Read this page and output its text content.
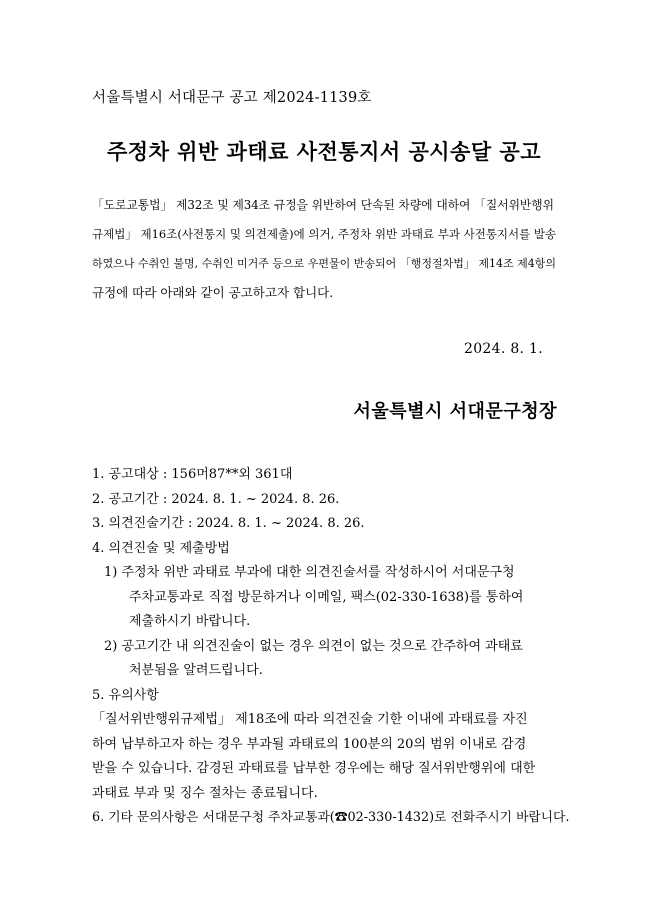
서울특별시 서대문구 공고 제2024-1139호
주정차 위반 과태료 사전통지서 공시송달 공고
「도로교통법」 제32조 및 제34조 규정을 위반하여 단속된 차량에 대하여 「질서위반행위
규제법」 제16조(사전통지 및 의견제출)에 의거, 주정차 위반 과태료 부과 사전통지서를 발송
하였으나 수취인 불명, 수취인 미거주 등으로 우편물이 반송되어 「행정절차법」 제14조 제4항의
규정에 따라 아래와 같이 공고하고자 합니다.
2024. 8. 1.
서울특별시 서대문구청장
1. 공고대상 : 156머87**외 361대
2. 공고기간 : 2024. 8. 1. ~ 2024. 8. 26.
3. 의견진술기간 : 2024. 8. 1. ~ 2024. 8. 26.
4. 의견진술 및 제출방법
1) 주정차 위반 과태료 부과에 대한 의견진술서를 작성하시어 서대문구청
주차교통과로 직접 방문하거나 이메일, 팩스(02-330-1638)를 통하여
제출하시기 바랍니다.
2) 공고기간 내 의견진술이 없는 경우 의견이 없는 것으로 간주하여 과태료
처분됨을 알려드립니다.
5. 유의사항
「질서위반행위규제법」 제18조에 따라 의견진술 기한 이내에 과태료를 자진
하여 납부하고자 하는 경우 부과될 과태료의 100분의 20의 범위 이내로 감경
받을 수 있습니다. 감경된 과태료를 납부한 경우에는 해당 질서위반행위에 대한
과태료 부과 및 징수 절차는 종료됩니다.
6. 기타 문의사항은 서대문구청 주차교통과(☎02-330-1432)로 전화주시기 바랍니다.
